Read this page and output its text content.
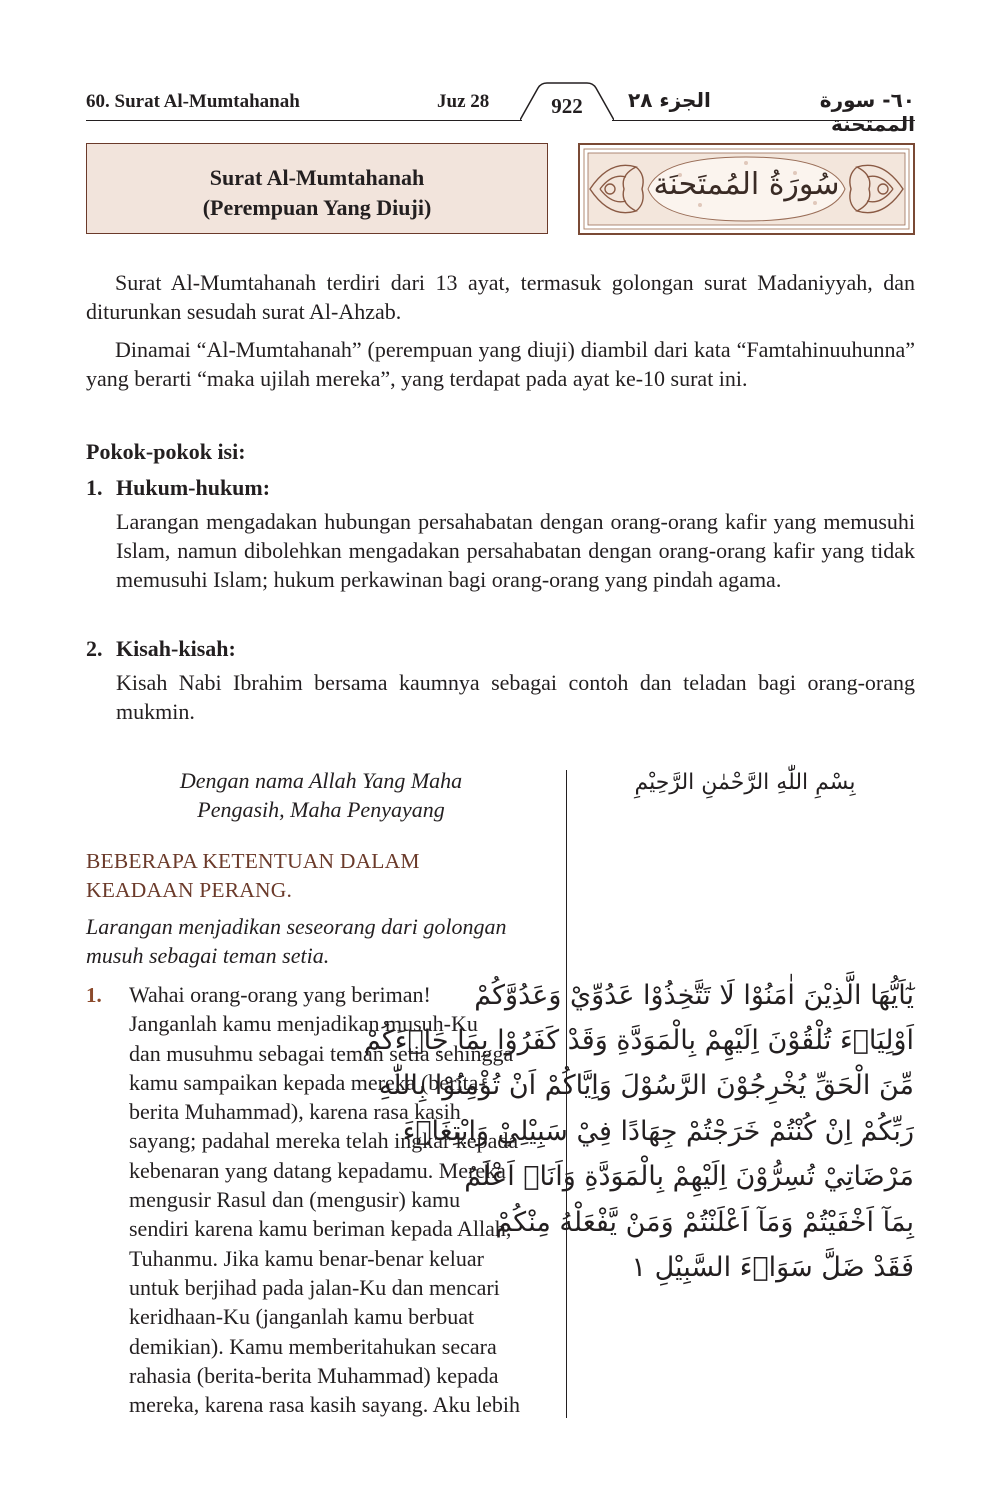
60. Surat Al-Mumtahanah	Juz 28	922	الجزء ٢٨	٦٠- سورة الممتحنة
Surat Al-Mumtahanah
(Perempuan Yang Diuji)
سُورَةُ المُمتَحنَة
Surat Al-Mumtahanah terdiri dari 13 ayat, termasuk golongan surat Madaniyyah, dan diturunkan sesudah surat Al-Ahzab.
Dinamai “Al-Mumtahanah” (perempuan yang diuji) diambil dari kata “Famtahinuuhunna” yang berarti “maka ujilah mereka”, yang terdapat pada ayat ke-10 surat ini.
Pokok-pokok isi:
1. Hukum-hukum:
Larangan mengadakan hubungan persahabatan dengan orang-orang kafir yang memusuhi Islam, namun dibolehkan mengadakan persahabatan dengan orang-orang kafir yang tidak memusuhi Islam; hukum perkawinan bagi orang-orang yang pindah agama.
2. Kisah-kisah:
Kisah Nabi Ibrahim bersama kaumnya sebagai contoh dan teladan bagi orang-orang mukmin.
Dengan nama Allah Yang Maha
Pengasih, Maha Penyayang
بِسْمِ اللّٰهِ الرَّحْمٰنِ الرَّحِيْمِ
BEBERAPA KETENTUAN DALAM
KEADAAN PERANG.
Larangan menjadikan seseorang dari golongan
musuh sebagai teman setia.
1. Wahai orang-orang yang beriman!
Janganlah kamu menjadikan musuh-Ku
dan musuhmu sebagai teman setia sehingga
kamu sampaikan kepada mereka (berita-
berita Muhammad), karena rasa kasih
sayang; padahal mereka telah ingkar kepada
kebenaran yang datang kepadamu. Mereka
mengusir Rasul dan (mengusir) kamu
sendiri karena kamu beriman kepada Allah,
Tuhanmu. Jika kamu benar-benar keluar
untuk berjihad pada jalan-Ku dan mencari
keridhaan-Ku (janganlah kamu berbuat
demikian). Kamu memberitahukan secara
rahasia (berita-berita Muhammad) kepada
mereka, karena rasa kasih sayang. Aku lebih
يٰٓاَيُّهَا الَّذِيْنَ اٰمَنُوْا لَا تَتَّخِذُوْا عَدُوِّيْ وَعَدُوَّكُمْ
اَوْلِيَاۤءَ تُلْقُوْنَ اِلَيْهِمْ بِالْمَوَدَّةِ وَقَدْ كَفَرُوْا بِمَا جَاۤءَكُمْ
مِّنَ الْحَقِّ يُخْرِجُوْنَ الرَّسُوْلَ وَاِيَّاكُمْ اَنْ تُؤْمِنُوْا بِاللّٰهِ
رَبِّكُمْ اِنْ كُنْتُمْ خَرَجْتُمْ جِهَادًا فِيْ سَبِيْلِيْ وَابْتِغَاۤءَ
مَرْضَاتِيْ تُسِرُّوْنَ اِلَيْهِمْ بِالْمَوَدَّةِ وَاَنَا۠ اَعْلَمُ
بِمَآ اَخْفَيْتُمْ وَمَآ اَعْلَنْتُمْ وَمَنْ يَّفْعَلْهُ مِنْكُمْ
فَقَدْ ضَلَّ سَوَاۤءَ السَّبِيْلِ ١
